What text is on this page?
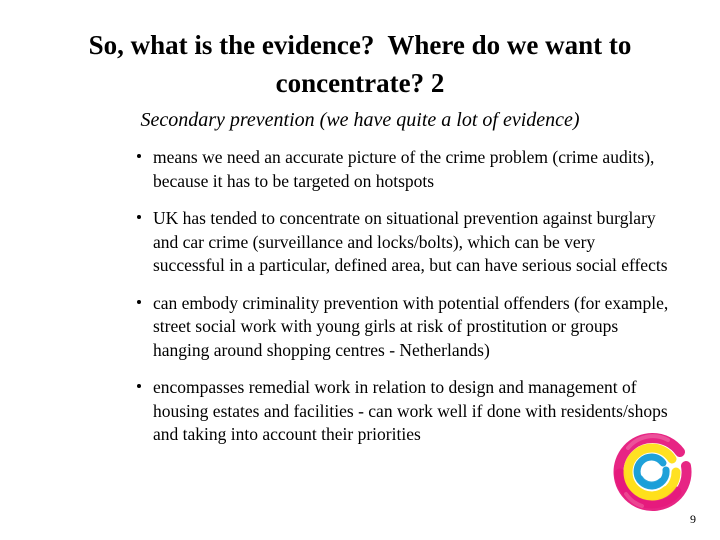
So, what is the evidence?  Where do we want to concentrate? 2
Secondary prevention (we have quite a lot of evidence)
means we need an accurate picture of the crime problem (crime audits), because it has to be targeted on hotspots
UK has tended to concentrate on situational prevention against burglary and car crime (surveillance and locks/bolts), which can be very successful in a particular, defined area, but can have serious social effects
can embody criminality prevention with potential offenders (for example, street social work with young girls at risk of prostitution or groups hanging around shopping centres - Netherlands)
encompasses remedial work in relation to design and management of housing estates and facilities - can work well if done with residents/shops and taking into account their priorities
9
